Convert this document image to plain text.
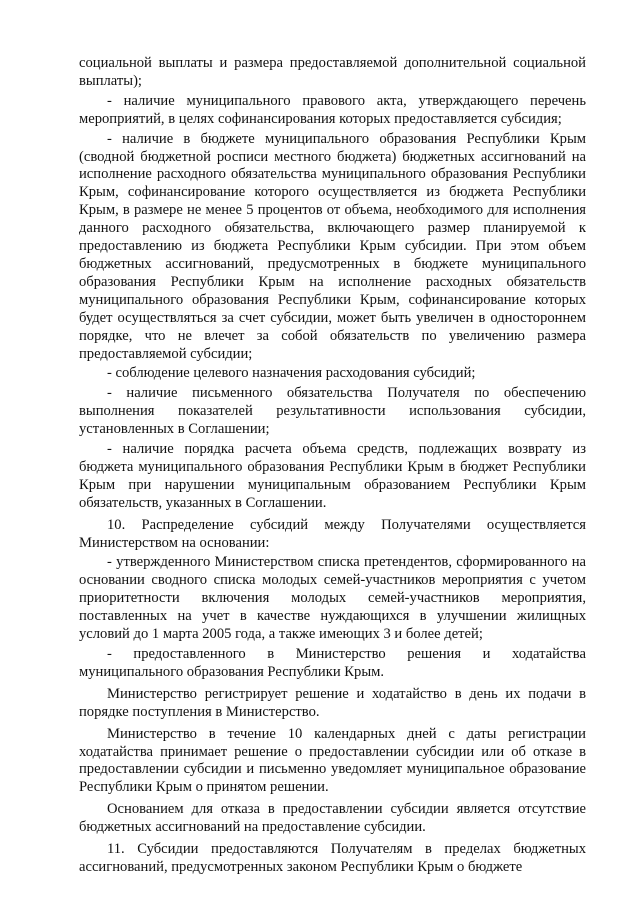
социальной выплаты и размера предоставляемой дополнительной социальной выплаты);

- наличие муниципального правового акта, утверждающего перечень мероприятий, в целях софинансирования которых предоставляется субсидия;

- наличие в бюджете муниципального образования Республики Крым (сводной бюджетной росписи местного бюджета) бюджетных ассигнований на исполнение расходного обязательства муниципального образования Республики Крым, софинансирование которого осуществляется из бюджета Республики Крым, в размере не менее 5 процентов от объема, необходимого для исполнения данного расходного обязательства, включающего размер планируемой к предоставлению из бюджета Республики Крым субсидии. При этом объем бюджетных ассигнований, предусмотренных в бюджете муниципального образования Республики Крым на исполнение расходных обязательств муниципального образования Республики Крым, софинансирование которых будет осуществляться за счет субсидии, может быть увеличен в одностороннем порядке, что не влечет за собой обязательств по увеличению размера предоставляемой субсидии;

- соблюдение целевого назначения расходования субсидий;

- наличие письменного обязательства Получателя по обеспечению выполнения показателей результативности использования субсидии, установленных в Соглашении;

- наличие порядка расчета объема средств, подлежащих возврату из бюджета муниципального образования Республики Крым в бюджет Республики Крым при нарушении муниципальным образованием Республики Крым обязательств, указанных в Соглашении.

10. Распределение субсидий между Получателями осуществляется Министерством на основании:

- утвержденного Министерством списка претендентов, сформированного на основании сводного списка молодых семей-участников мероприятия с учетом приоритетности включения молодых семей-участников мероприятия, поставленных на учет в качестве нуждающихся в улучшении жилищных условий до 1 марта 2005 года, а также имеющих 3 и более детей;

- предоставленного в Министерство решения и ходатайства муниципального образования Республики Крым.

Министерство регистрирует решение и ходатайство в день их подачи в порядке поступления в Министерство.

Министерство в течение 10 календарных дней с даты регистрации ходатайства принимает решение о предоставлении субсидии или об отказе в предоставлении субсидии и письменно уведомляет муниципальное образование Республики Крым о принятом решении.

Основанием для отказа в предоставлении субсидии является отсутствие бюджетных ассигнований на предоставление субсидии.

11. Субсидии предоставляются Получателям в пределах бюджетных ассигнований, предусмотренных законом Республики Крым о бюджете
